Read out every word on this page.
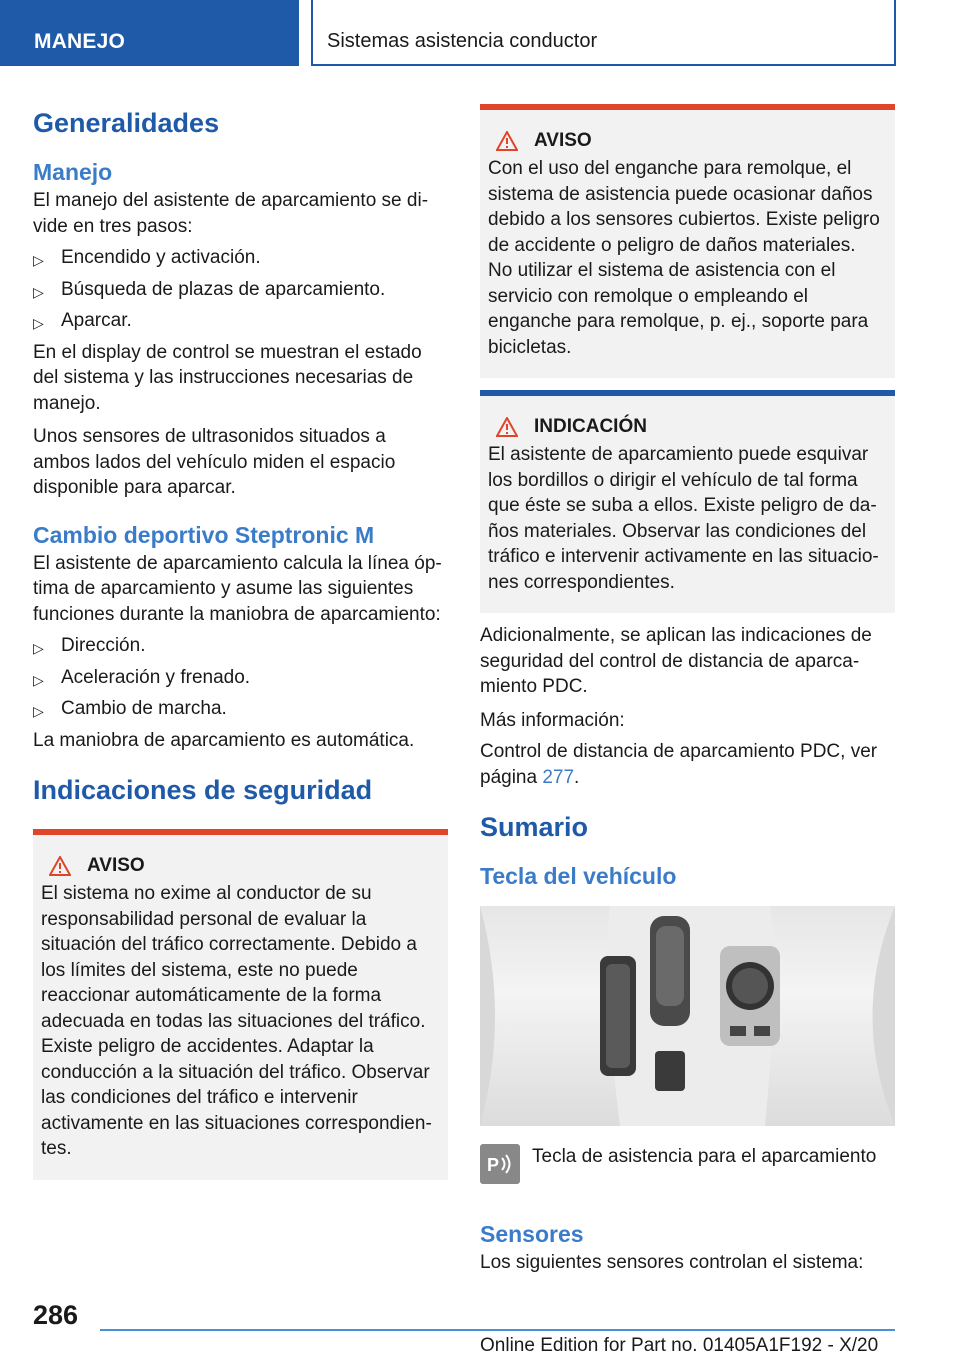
MANEJO	Sistemas asistencia conductor
Generalidades
Manejo

El manejo del asistente de aparcamiento se divide en tres pasos:

▷ Encendido y activación.
▷ Búsqueda de plazas de aparcamiento.
▷ Aparcar.

En el display de control se muestran el estado del sistema y las instrucciones necesarias de manejo.

Unos sensores de ultrasonidos situados a ambos lados del vehículo miden el espacio disponible para aparcar.

Cambio deportivo Steptronic M

El asistente de aparcamiento calcula la línea óptima de aparcamiento y asume las siguientes funciones durante la maniobra de aparcamiento:

▷ Dirección.
▷ Aceleración y frenado.
▷ Cambio de marcha.

La maniobra de aparcamiento es automática.

Indicaciones de seguridad
AVISO

El sistema no exime al conductor de su responsabilidad personal de evaluar la situación del tráfico correctamente. Debido a los límites del sistema, este no puede reaccionar automáticamente de la forma adecuada en todas las situaciones del tráfico. Existe peligro de accidentes. Adaptar la conducción a la situación del tráfico. Observar las condiciones del tráfico e intervenir activamente en las situaciones correspondientes.

AVISO

Con el uso del enganche para remolque, el sistema de asistencia puede ocasionar daños debido a los sensores cubiertos. Existe peligro de accidente o peligro de daños materiales. No utilizar el sistema de asistencia con el servicio con remolque o empleando el enganche para remolque, p. ej., soporte para bicicletas.

INDICACIÓN

El asistente de aparcamiento puede esquivar los bordillos o dirigir el vehículo de tal forma que éste se suba a ellos. Existe peligro de daños materiales. Observar las condiciones del tráfico e intervenir activamente en las situaciones correspondientes.

Adicionalmente, se aplican las indicaciones de seguridad del control de distancia de aparcamiento PDC.

Más información:

Control de distancia de aparcamiento PDC, ver
página 277.

Sumario
Tecla del vehículo
P Tecla de asistencia para el aparcamiento
Sensores

Los siguientes sensores controlan el sistema:

286
Online Edition for Part no. 01405A1F192 - X/20
